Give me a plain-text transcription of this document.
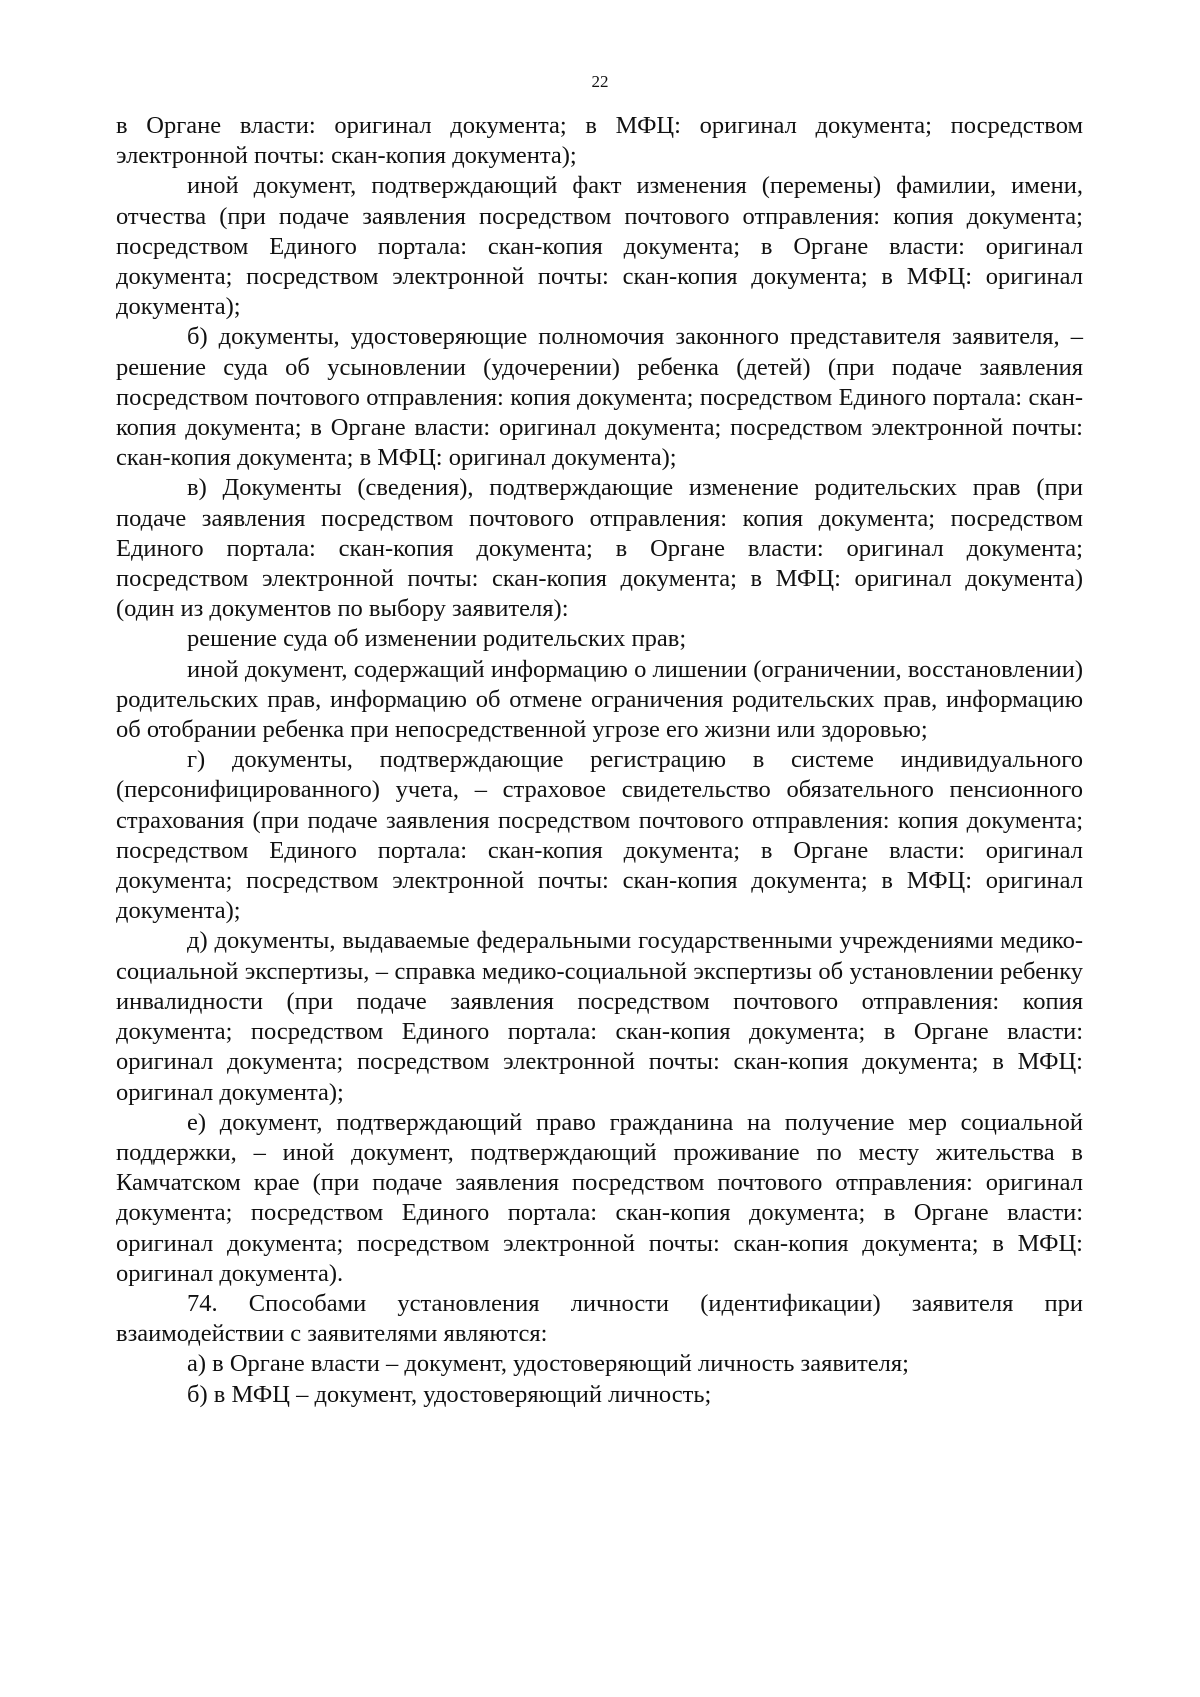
22

в Органе власти: оригинал документа; в МФЦ: оригинал документа; посредством электронной почты: скан-копия документа);

иной документ, подтверждающий факт изменения (перемены) фамилии, имени, отчества (при подаче заявления посредством почтового отправления: копия документа; посредством Единого портала: скан-копия документа; в Органе власти: оригинал документа; посредством электронной почты: скан-копия документа; в МФЦ: оригинал документа);

б) документы, удостоверяющие полномочия законного представителя заявителя, – решение суда об усыновлении (удочерении) ребенка (детей) (при подаче заявления посредством почтового отправления: копия документа; посредством Единого портала: скан-копия документа; в Органе власти: оригинал документа; посредством электронной почты: скан-копия документа; в МФЦ: оригинал документа);

в) Документы (сведения), подтверждающие изменение родительских прав (при подаче заявления посредством почтового отправления: копия документа; посредством Единого портала: скан-копия документа; в Органе власти: оригинал документа; посредством электронной почты: скан-копия документа; в МФЦ: оригинал документа) (один из документов по выбору заявителя):

решение суда об изменении родительских прав;

иной документ, содержащий информацию о лишении (ограничении, восстановлении) родительских прав, информацию об отмене ограничения родительских прав, информацию об отобрании ребенка при непосредственной угрозе его жизни или здоровью;

г) документы, подтверждающие регистрацию в системе индивидуального (персонифицированного) учета, – страховое свидетельство обязательного пенсионного страхования (при подаче заявления посредством почтового отправления: копия документа; посредством Единого портала: скан-копия документа; в Органе власти: оригинал документа; посредством электронной почты: скан-копия документа; в МФЦ: оригинал документа);

д) документы, выдаваемые федеральными государственными учреждениями медико-социальной экспертизы, – справка медико-социальной экспертизы об установлении ребенку инвалидности (при подаче заявления посредством почтового отправления: копия документа; посредством Единого портала: скан-копия документа; в Органе власти: оригинал документа; посредством электронной почты: скан-копия документа; в МФЦ: оригинал документа);

е) документ, подтверждающий право гражданина на получение мер социальной поддержки, – иной документ, подтверждающий проживание по месту жительства в Камчатском крае (при подаче заявления посредством почтового отправления: оригинал документа; посредством Единого портала: скан-копия документа; в Органе власти: оригинал документа; посредством электронной почты: скан-копия документа; в МФЦ: оригинал документа).

74. Способами установления личности (идентификации) заявителя при взаимодействии с заявителями являются:

а) в Органе власти – документ, удостоверяющий личность заявителя;

б) в МФЦ – документ, удостоверяющий личность;
